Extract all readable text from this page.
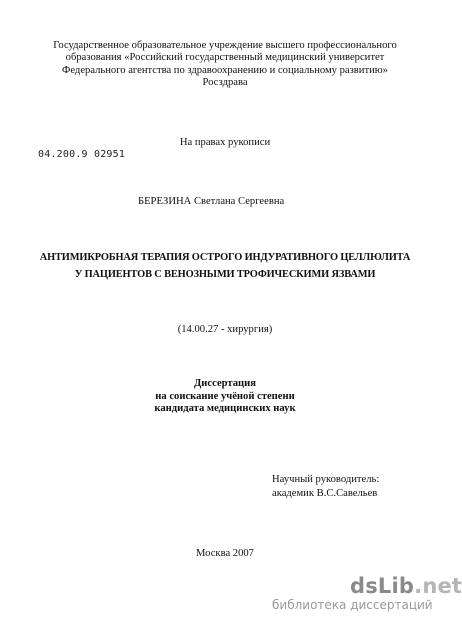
Государственное образовательное учреждение высшего профессионального
образования «Российский государственный медицинский университет
Федерального агентства по здравоохранению и социальному развитию»
Росздрава
На правах рукописи
04.200.9 02951
БЕРЕЗИНА Светлана Сергеевна
АНТИМИКРОБНАЯ ТЕРАПИЯ ОСТРОГО ИНДУРАТИВНОГО ЦЕЛЛЮЛИТА
У ПАЦИЕНТОВ С ВЕНОЗНЫМИ ТРОФИЧЕСКИМИ ЯЗВАМИ
(14.00.27 - хирургия)
Диссертация
на соискание учёной степени
кандидата медицинских наук
Научный руководитель:
академик В.С.Савельев
Москва 2007
dsLib.net
библиотека диссертаций
